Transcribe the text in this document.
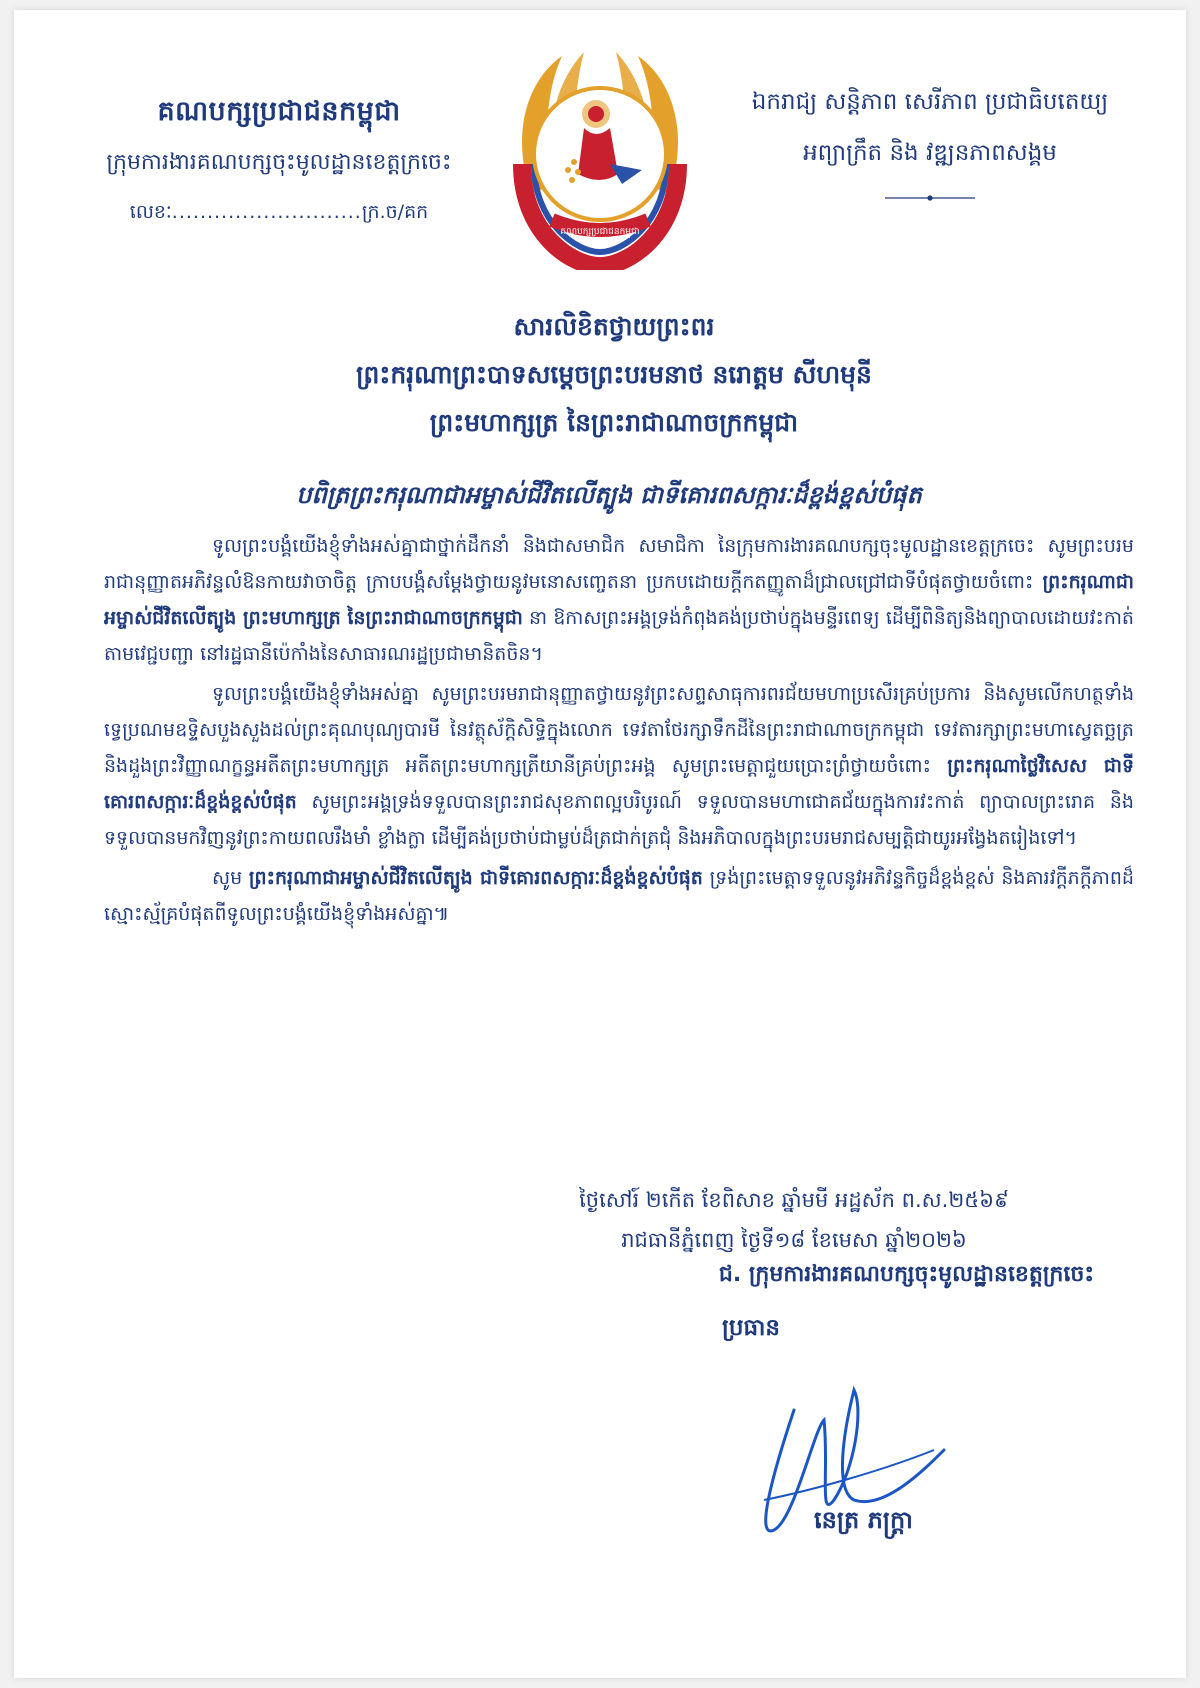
គណបក្សប្រជាជនកម្ពុជា
ក្រុមការងារគណបក្សចុះមូលដ្ឋានខេត្តក្រចេះ
លេខៈ...........................ក្រ.ច/គក
គណបក្សប្រជាជនកម្ពុជា
ឯករាជ្យ សន្តិភាព សេរីភាព ប្រជាធិបតេយ្យ
អព្យាក្រឹត និង វឌ្ឍនភាពសង្គម
សារលិខិតថ្វាយព្រះពរ
ព្រះករុណាព្រះបាទសម្តេចព្រះបរមនាថ នរោត្តម សីហមុនី
ព្រះមហាក្សត្រ នៃព្រះរាជាណាចក្រកម្ពុជា
បពិត្រព្រះករុណាជាអម្ចាស់ជីវិតលើត្បូង ជាទីគោរពសក្ការៈដ៏ខ្ពង់ខ្ពស់បំផុត

ទូលព្រះបង្គំយើងខ្ញុំទាំងអស់គ្នាជាថ្នាក់ដឹកនាំ និងជាសមាជិក សមាជិកា នៃក្រុមការងារគណបក្សចុះមូលដ្ឋានខេត្តក្រចេះ សូមព្រះបរមរាជានុញ្ញាតអភិវន្ទលំឱនកាយវាចាចិត្ត ក្រាបបង្គំសម្តែងថ្វាយនូវមនោសញ្ចេតនា ប្រកបដោយក្តីកតញ្ញូតាដ៏ជ្រាលជ្រៅជាទីបំផុតថ្វាយចំពោះ ព្រះករុណាជាអម្ចាស់ជីវិតលើត្បូង ព្រះមហាក្សត្រ នៃព្រះរាជាណាចក្រកម្ពុជា នា ឱកាសព្រះអង្គទ្រង់កំពុងគង់ប្រថាប់ក្នុងមន្ទីរពេទ្យ ដើម្បីពិនិត្យនិងព្យាបាលដោយវះកាត់តាមវេជ្ជបញ្ជា នៅរដ្ឋធានីប៉េកាំងនៃសាធារណរដ្ឋប្រជាមានិតចិន។

ទូលព្រះបង្គំយើងខ្ញុំទាំងអស់គ្នា សូមព្រះបរមរាជានុញ្ញាតថ្វាយនូវព្រះសព្ទសាធុការពរជ័យមហាប្រសើរគ្រប់ប្រការ និងសូមលើកហត្ថទាំងទ្វេប្រណមឧទ្ទិសបួងសួងដល់ព្រះគុណបុណ្យបារមី នៃវត្ថុស័ក្តិសិទ្ធិក្នុងលោក ទេវតាថែរក្សាទឹកដីនៃព្រះរាជាណាចក្រកម្ពុជា ទេវតារក្សាព្រះមហាស្វេតច្ឆត្រ និងដួងព្រះវិញ្ញាណក្ខន្ធអតីតព្រះមហាក្សត្រ អតីតព្រះមហាក្សត្រីយានីគ្រប់ព្រះអង្គ សូមព្រះមេត្តាជួយប្រោះព្រំថ្វាយចំពោះ ព្រះករុណាថ្លៃវិសេស ជាទីគោរពសក្ការៈដ៏ខ្ពង់ខ្ពស់បំផុត សូមព្រះអង្គទ្រង់ទទួលបានព្រះរាជសុខភាពល្អបរិបូរណ៍ ទទួលបានមហាជោគជ័យក្នុងការវះកាត់ ព្យាបាលព្រះរោគ និងទទួលបានមកវិញនូវព្រះកាយពលរឹងមាំ ខ្លាំងក្លា ដើម្បីគង់ប្រថាប់ជាម្លប់ដ៏ត្រជាក់ត្រជុំ និងអភិបាលក្នុងព្រះបរមរាជសម្បត្តិជាយូរអង្វែងតរៀងទៅ។

សូម ព្រះករុណាជាអម្ចាស់ជីវិតលើត្បូង ជាទីគោរពសក្ការៈដ៏ខ្ពង់ខ្ពស់បំផុត ទ្រង់ព្រះមេត្តាទទួលនូវអភិវន្ទកិច្ចដ៏ខ្ពង់ខ្ពស់ និងគារវក្តីភក្ដីភាពដ៏ស្មោះស្ម័គ្របំផុតពីទូលព្រះបង្គំយើងខ្ញុំទាំងអស់គ្នា៕

ថ្ងៃសៅរ៍ ២កើត ខែពិសាខ ឆ្នាំមមី អដ្ឋស័ក ព.ស.២៥៦៩
រាជធានីភ្នំពេញ ថ្ងៃទី១៨ ខែមេសា ឆ្នាំ២០២៦
ជ. ក្រុមការងារគណបក្សចុះមូលដ្ឋានខេត្តក្រចេះ
ប្រធាន
នេត្រ ភក្ត្រា
